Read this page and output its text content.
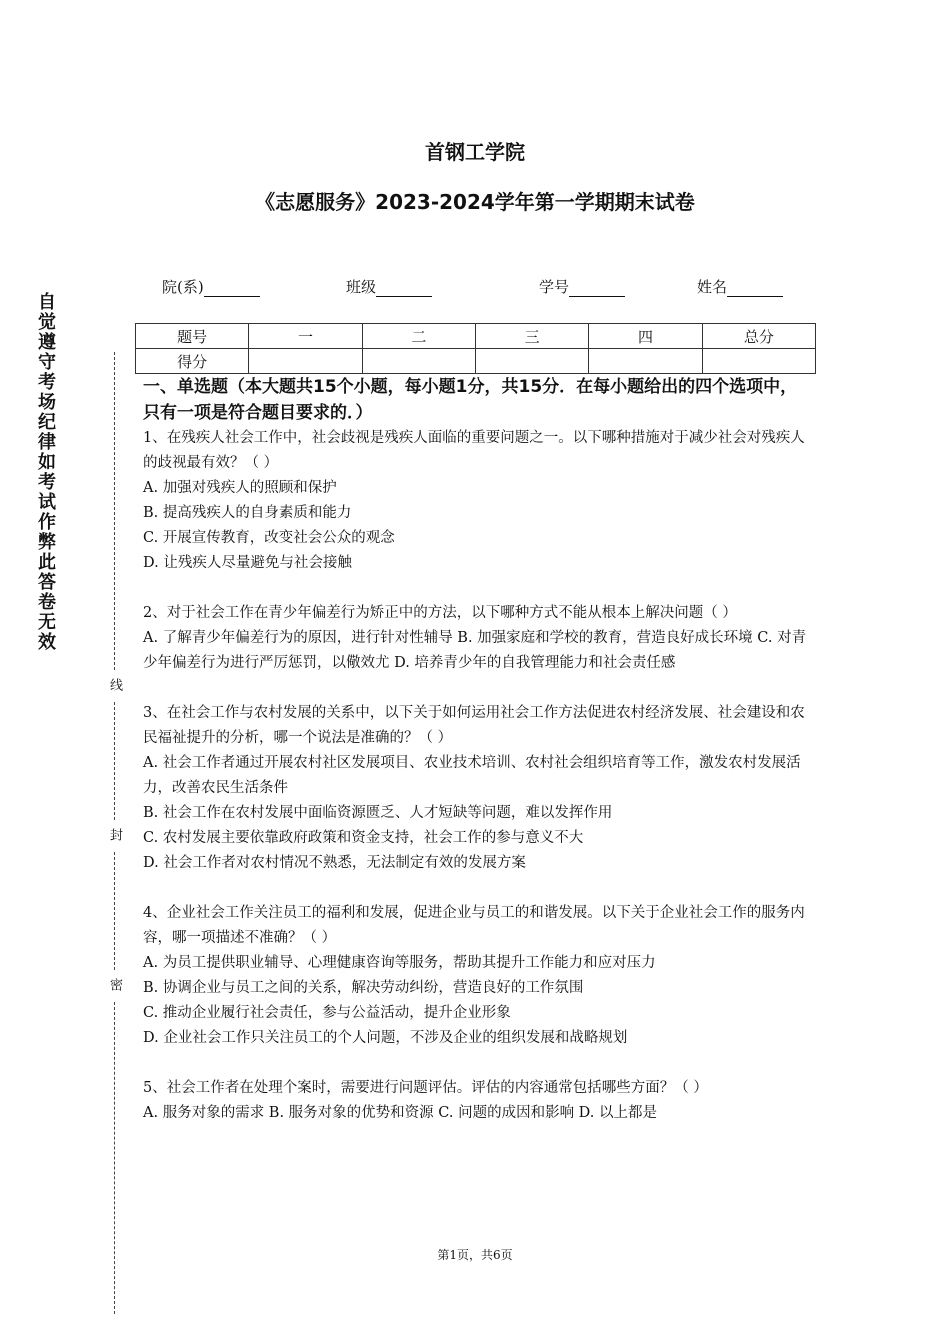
首钢工学院
《志愿服务》2023-2024学年第一学期期末试卷
院(系)	班级	学号	姓名
题号	一	二	三	四	总分
得分					
自觉遵守考场纪律如考试作弊此答卷无效
线
封
密

一、单选题（本大题共15个小题，每小题1分，共15分．在每小题给出的四个选项中，只有一项是符合题目要求的．）

1、在残疾人社会工作中，社会歧视是残疾人面临的重要问题之一。以下哪种措施对于减少社会对残疾人的歧视最有效？（ ）

A. 加强对残疾人的照顾和保护

B. 提高残疾人的自身素质和能力

C. 开展宣传教育，改变社会公众的观念

D. 让残疾人尽量避免与社会接触

2、对于社会工作在青少年偏差行为矫正中的方法，以下哪种方式不能从根本上解决问题（ ）

A. 了解青少年偏差行为的原因，进行针对性辅导 B. 加强家庭和学校的教育，营造良好成长环境 C. 对青少年偏差行为进行严厉惩罚，以儆效尤 D. 培养青少年的自我管理能力和社会责任感

3、在社会工作与农村发展的关系中，以下关于如何运用社会工作方法促进农村经济发展、社会建设和农民福祉提升的分析，哪一个说法是准确的？（ ）

A. 社会工作者通过开展农村社区发展项目、农业技术培训、农村社会组织培育等工作，激发农村发展活力，改善农民生活条件

B. 社会工作在农村发展中面临资源匮乏、人才短缺等问题，难以发挥作用

C. 农村发展主要依靠政府政策和资金支持，社会工作的参与意义不大

D. 社会工作者对农村情况不熟悉，无法制定有效的发展方案

4、企业社会工作关注员工的福利和发展，促进企业与员工的和谐发展。以下关于企业社会工作的服务内容，哪一项描述不准确？（ ）

A. 为员工提供职业辅导、心理健康咨询等服务，帮助其提升工作能力和应对压力

B. 协调企业与员工之间的关系，解决劳动纠纷，营造良好的工作氛围

C. 推动企业履行社会责任，参与公益活动，提升企业形象

D. 企业社会工作只关注员工的个人问题，不涉及企业的组织发展和战略规划

5、社会工作者在处理个案时，需要进行问题评估。评估的内容通常包括哪些方面？（ ）

A. 服务对象的需求 B. 服务对象的优势和资源 C. 问题的成因和影响 D. 以上都是

第1页，共6页
